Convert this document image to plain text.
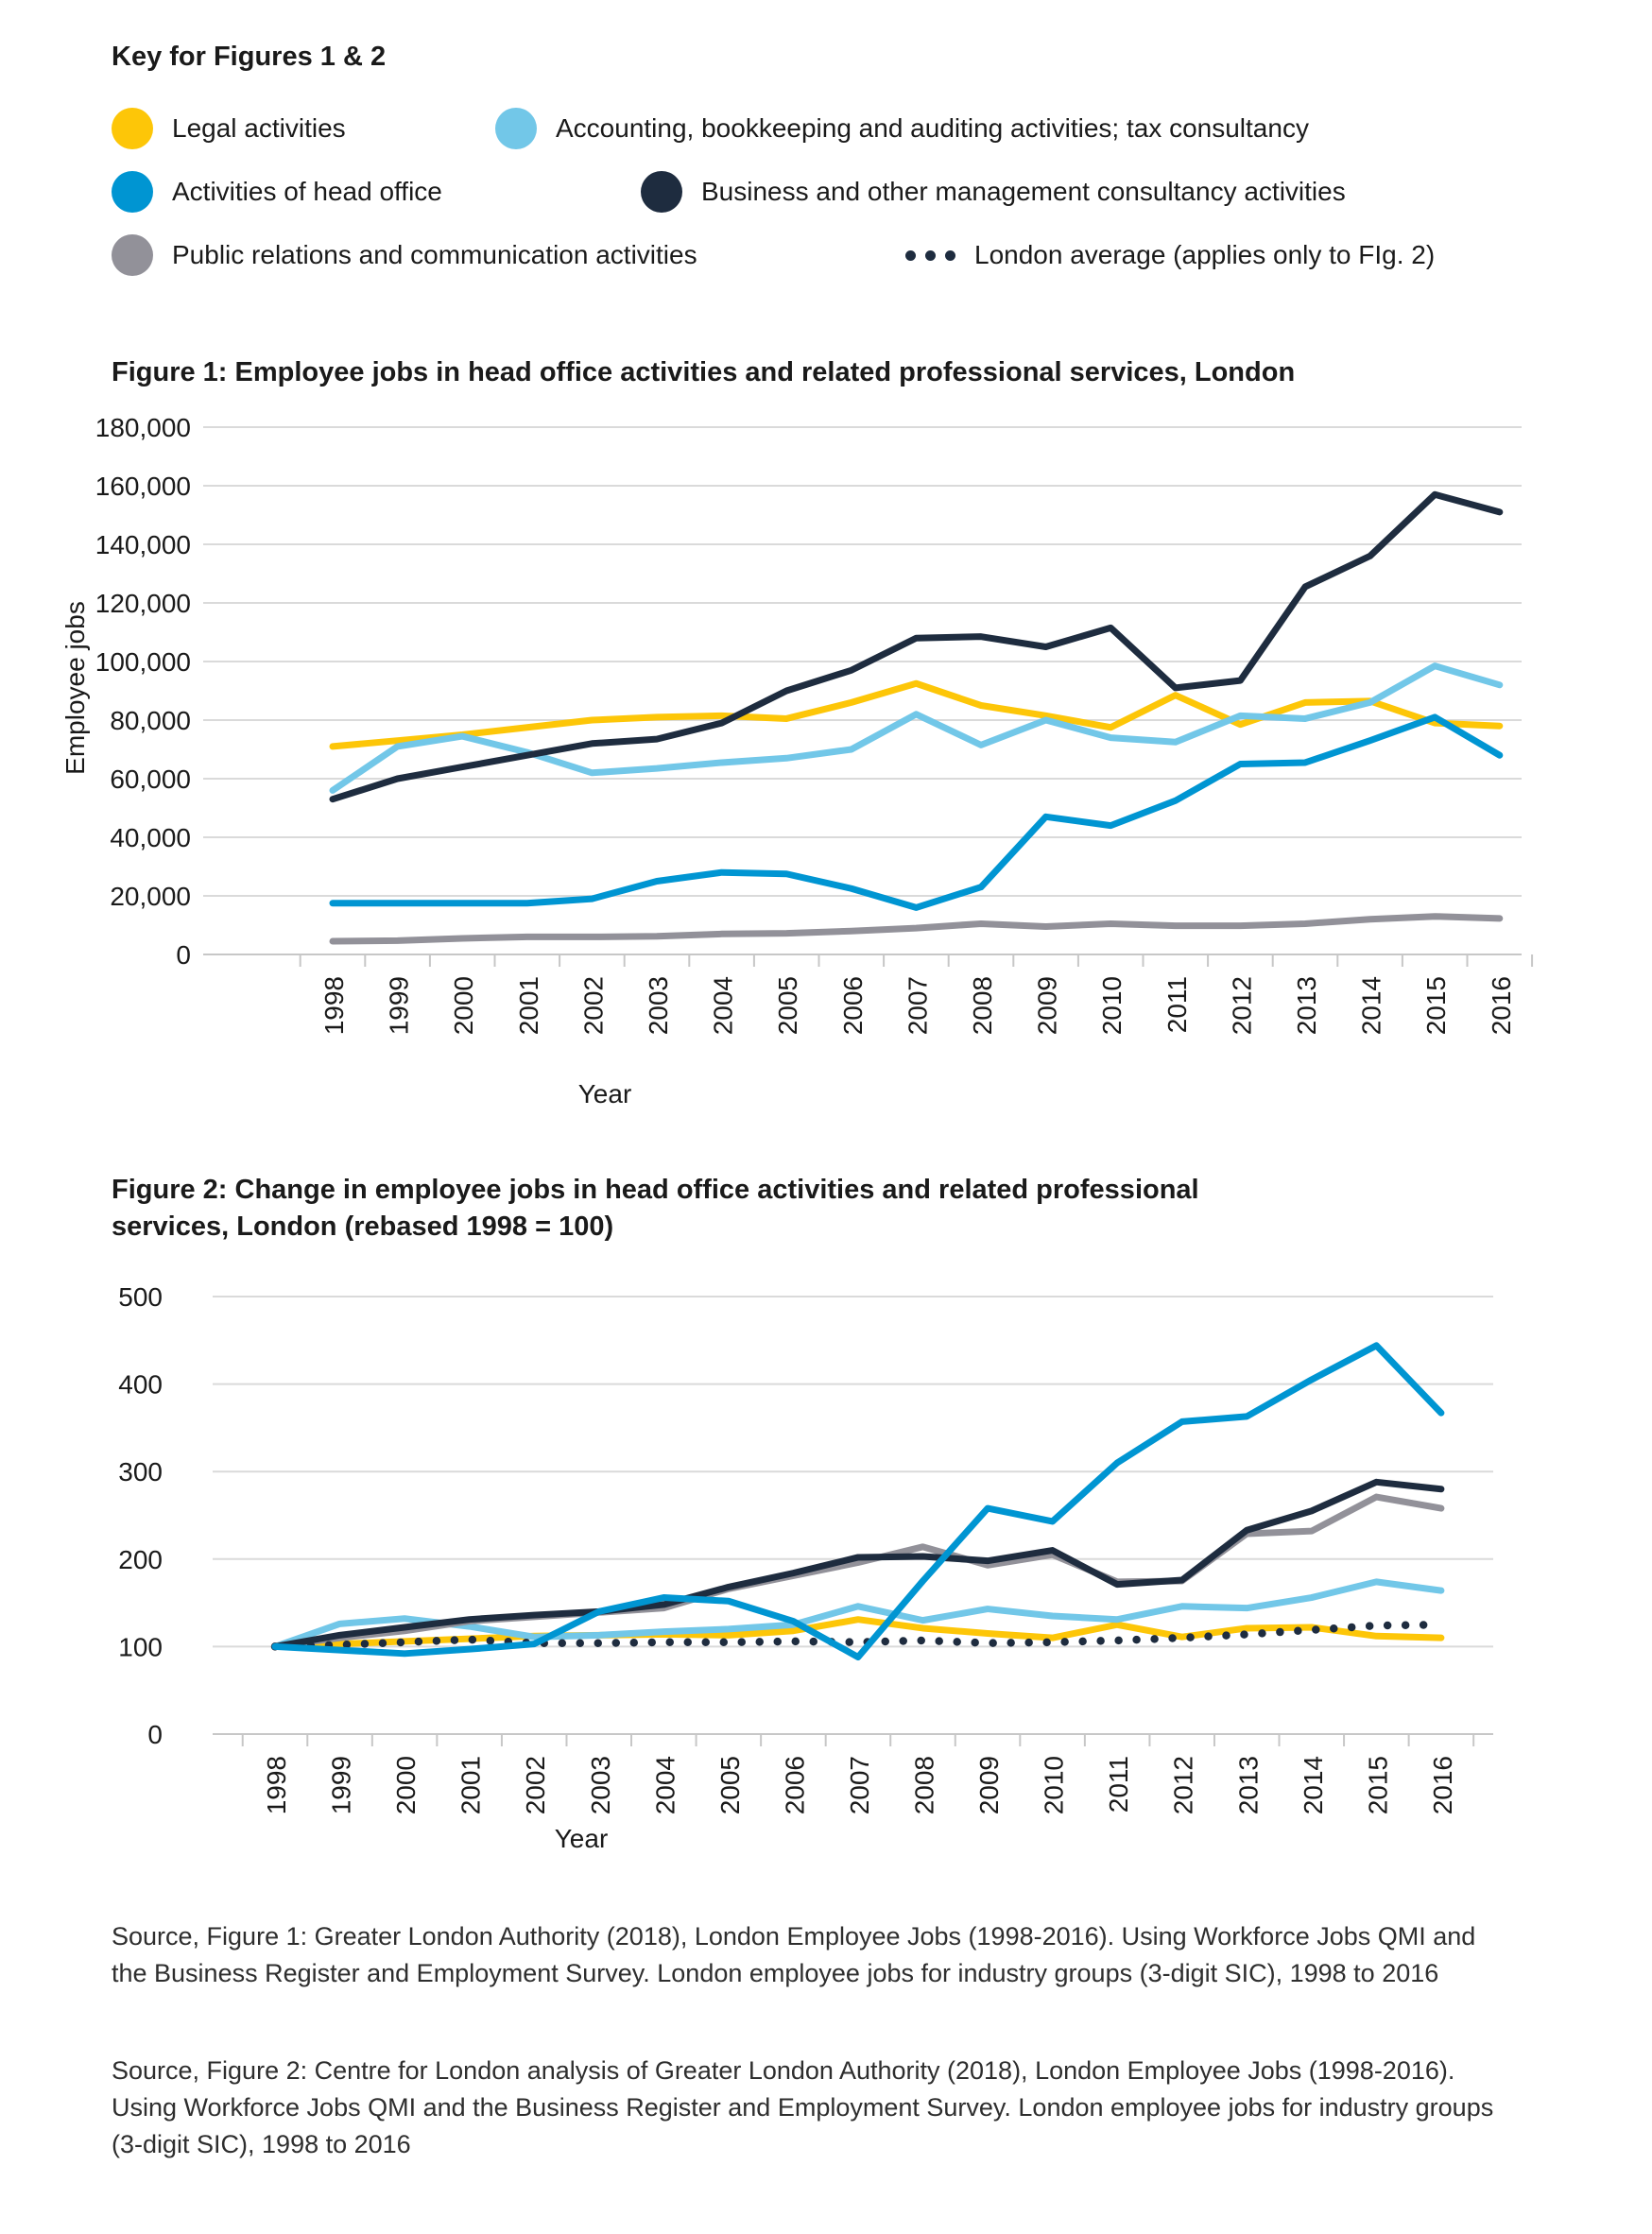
Key for Figures 1 & 2
Legal activities	Accounting, bookkeeping and auditing activities; tax consultancy
Activities of head office	Business and other management consultancy activities
Public relations and communication activities	London average (applies only to FIg. 2)
Figure 1: Employee jobs in head office activities and related professional services, London
Employee jobs
Year
Figure 2: Change in employee jobs in head office activities and related professional services, London (rebased 1998 = 100)
Year
0
20,000
40,000
60,000
80,000
100,000
120,000
140,000
160,000
180,000
1998 1999 2000 2001 2002 2003 2004 2005 2006 2007 2008 2009 2010 2011 2012 2013 2014 2015 2016
0
100
200
300
400
500
1998 1999 2000 2001 2002 2003 2004 2005 2006 2007 2008 2009 2010 2011 2012 2013 2014 2015 2016

Source, Figure 1: Greater London Authority (2018), London Employee Jobs (1998-2016). Using Workforce Jobs QMI and the Business Register and Employment Survey. London employee jobs for industry groups (3-digit SIC), 1998 to 2016

Source, Figure 2: Centre for London analysis of Greater London Authority (2018), London Employee Jobs (1998-2016). Using Workforce Jobs QMI and the Business Register and Employment Survey. London employee jobs for industry groups (3-digit SIC), 1998 to 2016
